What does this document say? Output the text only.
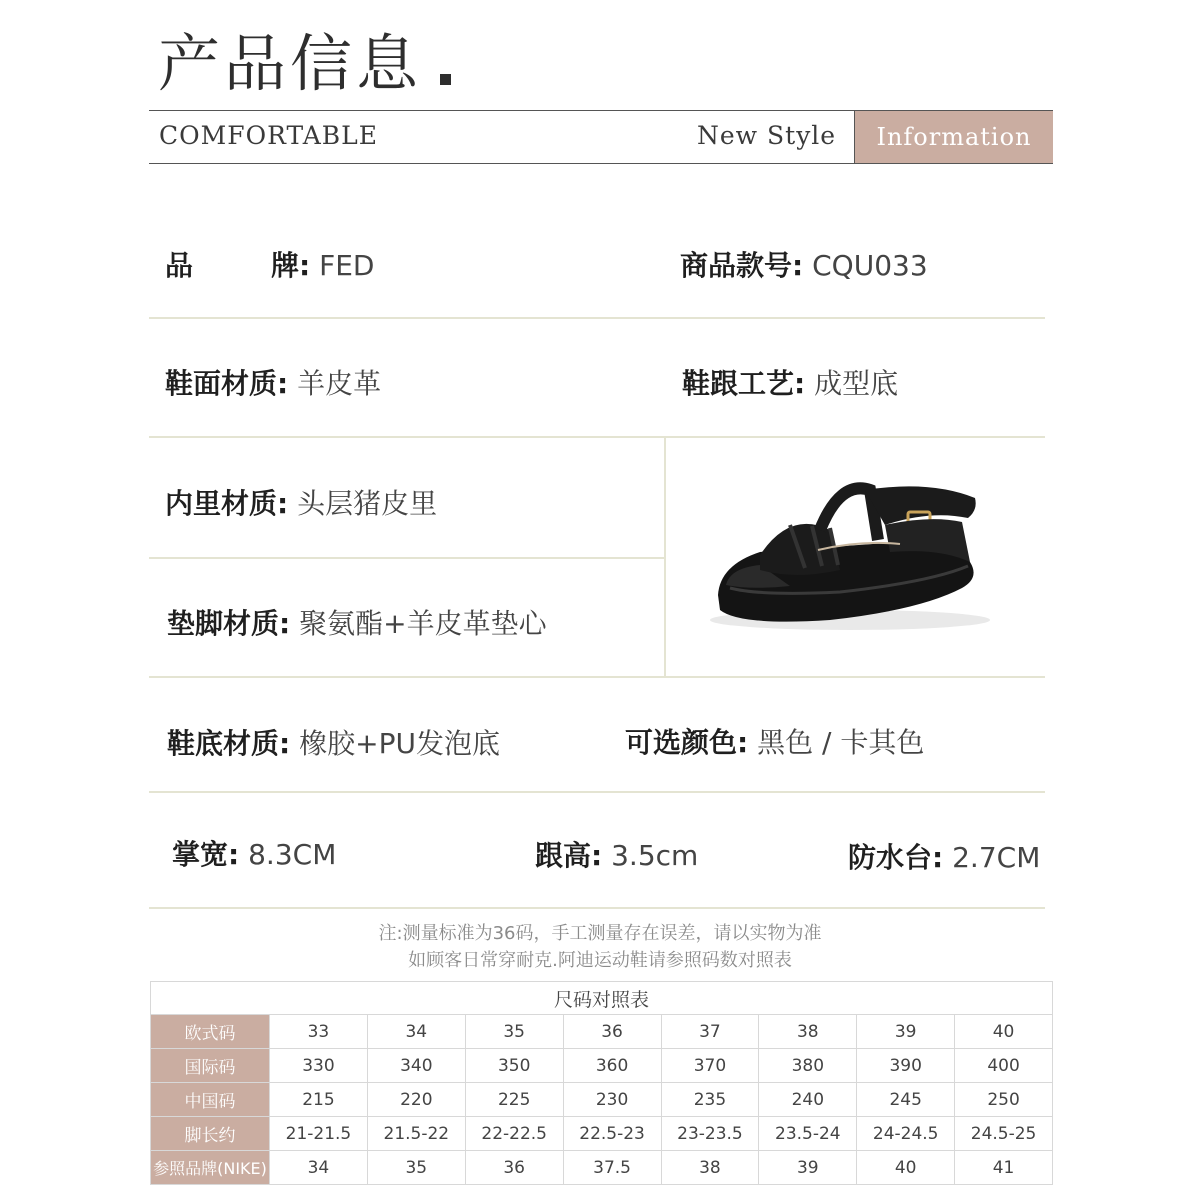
产品信息
COMFORTABLE	New Style	Information
品        牌: FED	商品款号: CQU033
鞋面材质: 羊皮革	鞋跟工艺: 成型底
内里材质: 头层猪皮里
垫脚材质: 聚氨酯+羊皮革垫心
鞋底材质: 橡胶+PU发泡底	可选颜色: 黑色 / 卡其色
掌宽: 8.3CM	跟高: 3.5cm	防水台: 2.7CM
注:测量标准为36码，手工测量存在误差，请以实物为准
如顾客日常穿耐克.阿迪运动鞋请参照码数对照表
尺码对照表								
欧式码	33	34	35	36	37	38	39	40
国际码	330	340	350	360	370	380	390	400
中国码	215	220	225	230	235	240	245	250
脚长约	21-21.5	21.5-22	22-22.5	22.5-23	23-23.5	23.5-24	24-24.5	24.5-25
参照品牌(NIKE)	34	35	36	37.5	38	39	40	41
